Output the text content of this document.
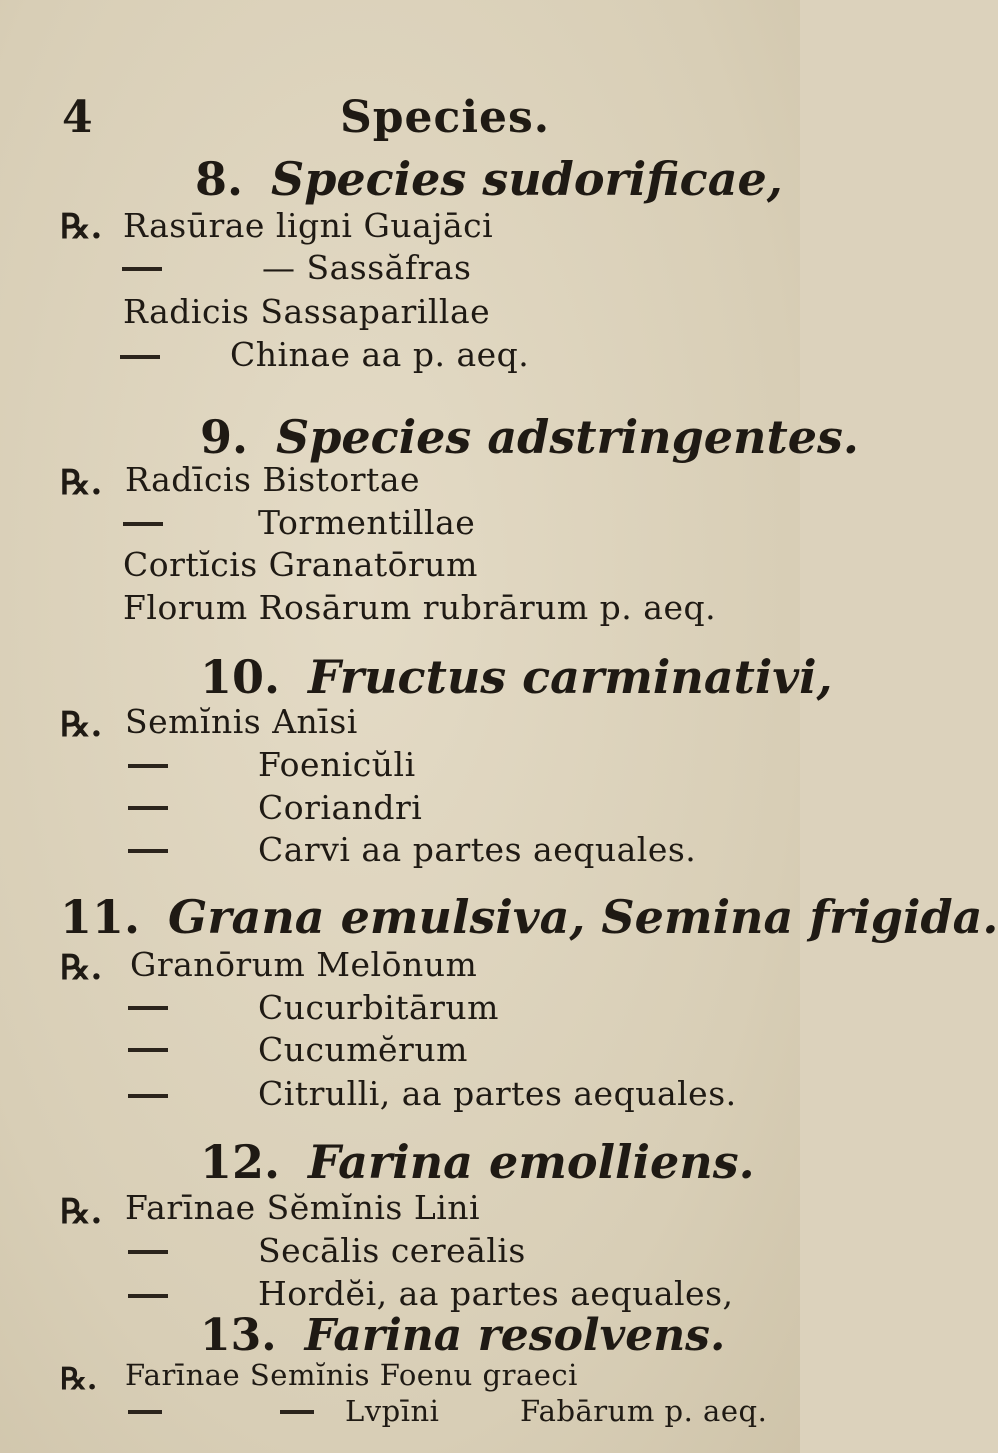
4	Species.
8. Species sudorificae,
℞. Rasūrae ligni Guajāci
— Sassăfras
Radicis Sassaparillae
Chinae aa p. aeq.
9. Species adstringentes.
℞. Radīcis Bistortae
Tormentillae
Cortĭcis Granatōrum
Florum Rosārum rubrārum p. aeq.
10. Fructus carminativi,
℞. Semĭnis Anīsi
Foenicŭli
Coriandri
Carvi aa partes aequales.
11. Grana emulsiva, Semina frigida.
℞. Granōrum Melōnum
Cucurbitārum
Cucumĕrum
Citrulli, aa partes aequales.
12. Farina emolliens.
℞. Farīnae Sĕmĭnis Lini
Secālis cereālis
Hordĕi, aa partes aequales,
13. Farina resolvens.
℞. Farīnae Semĭnis Foenu graeci
Lvpīni	Fabārum p. aeq.
